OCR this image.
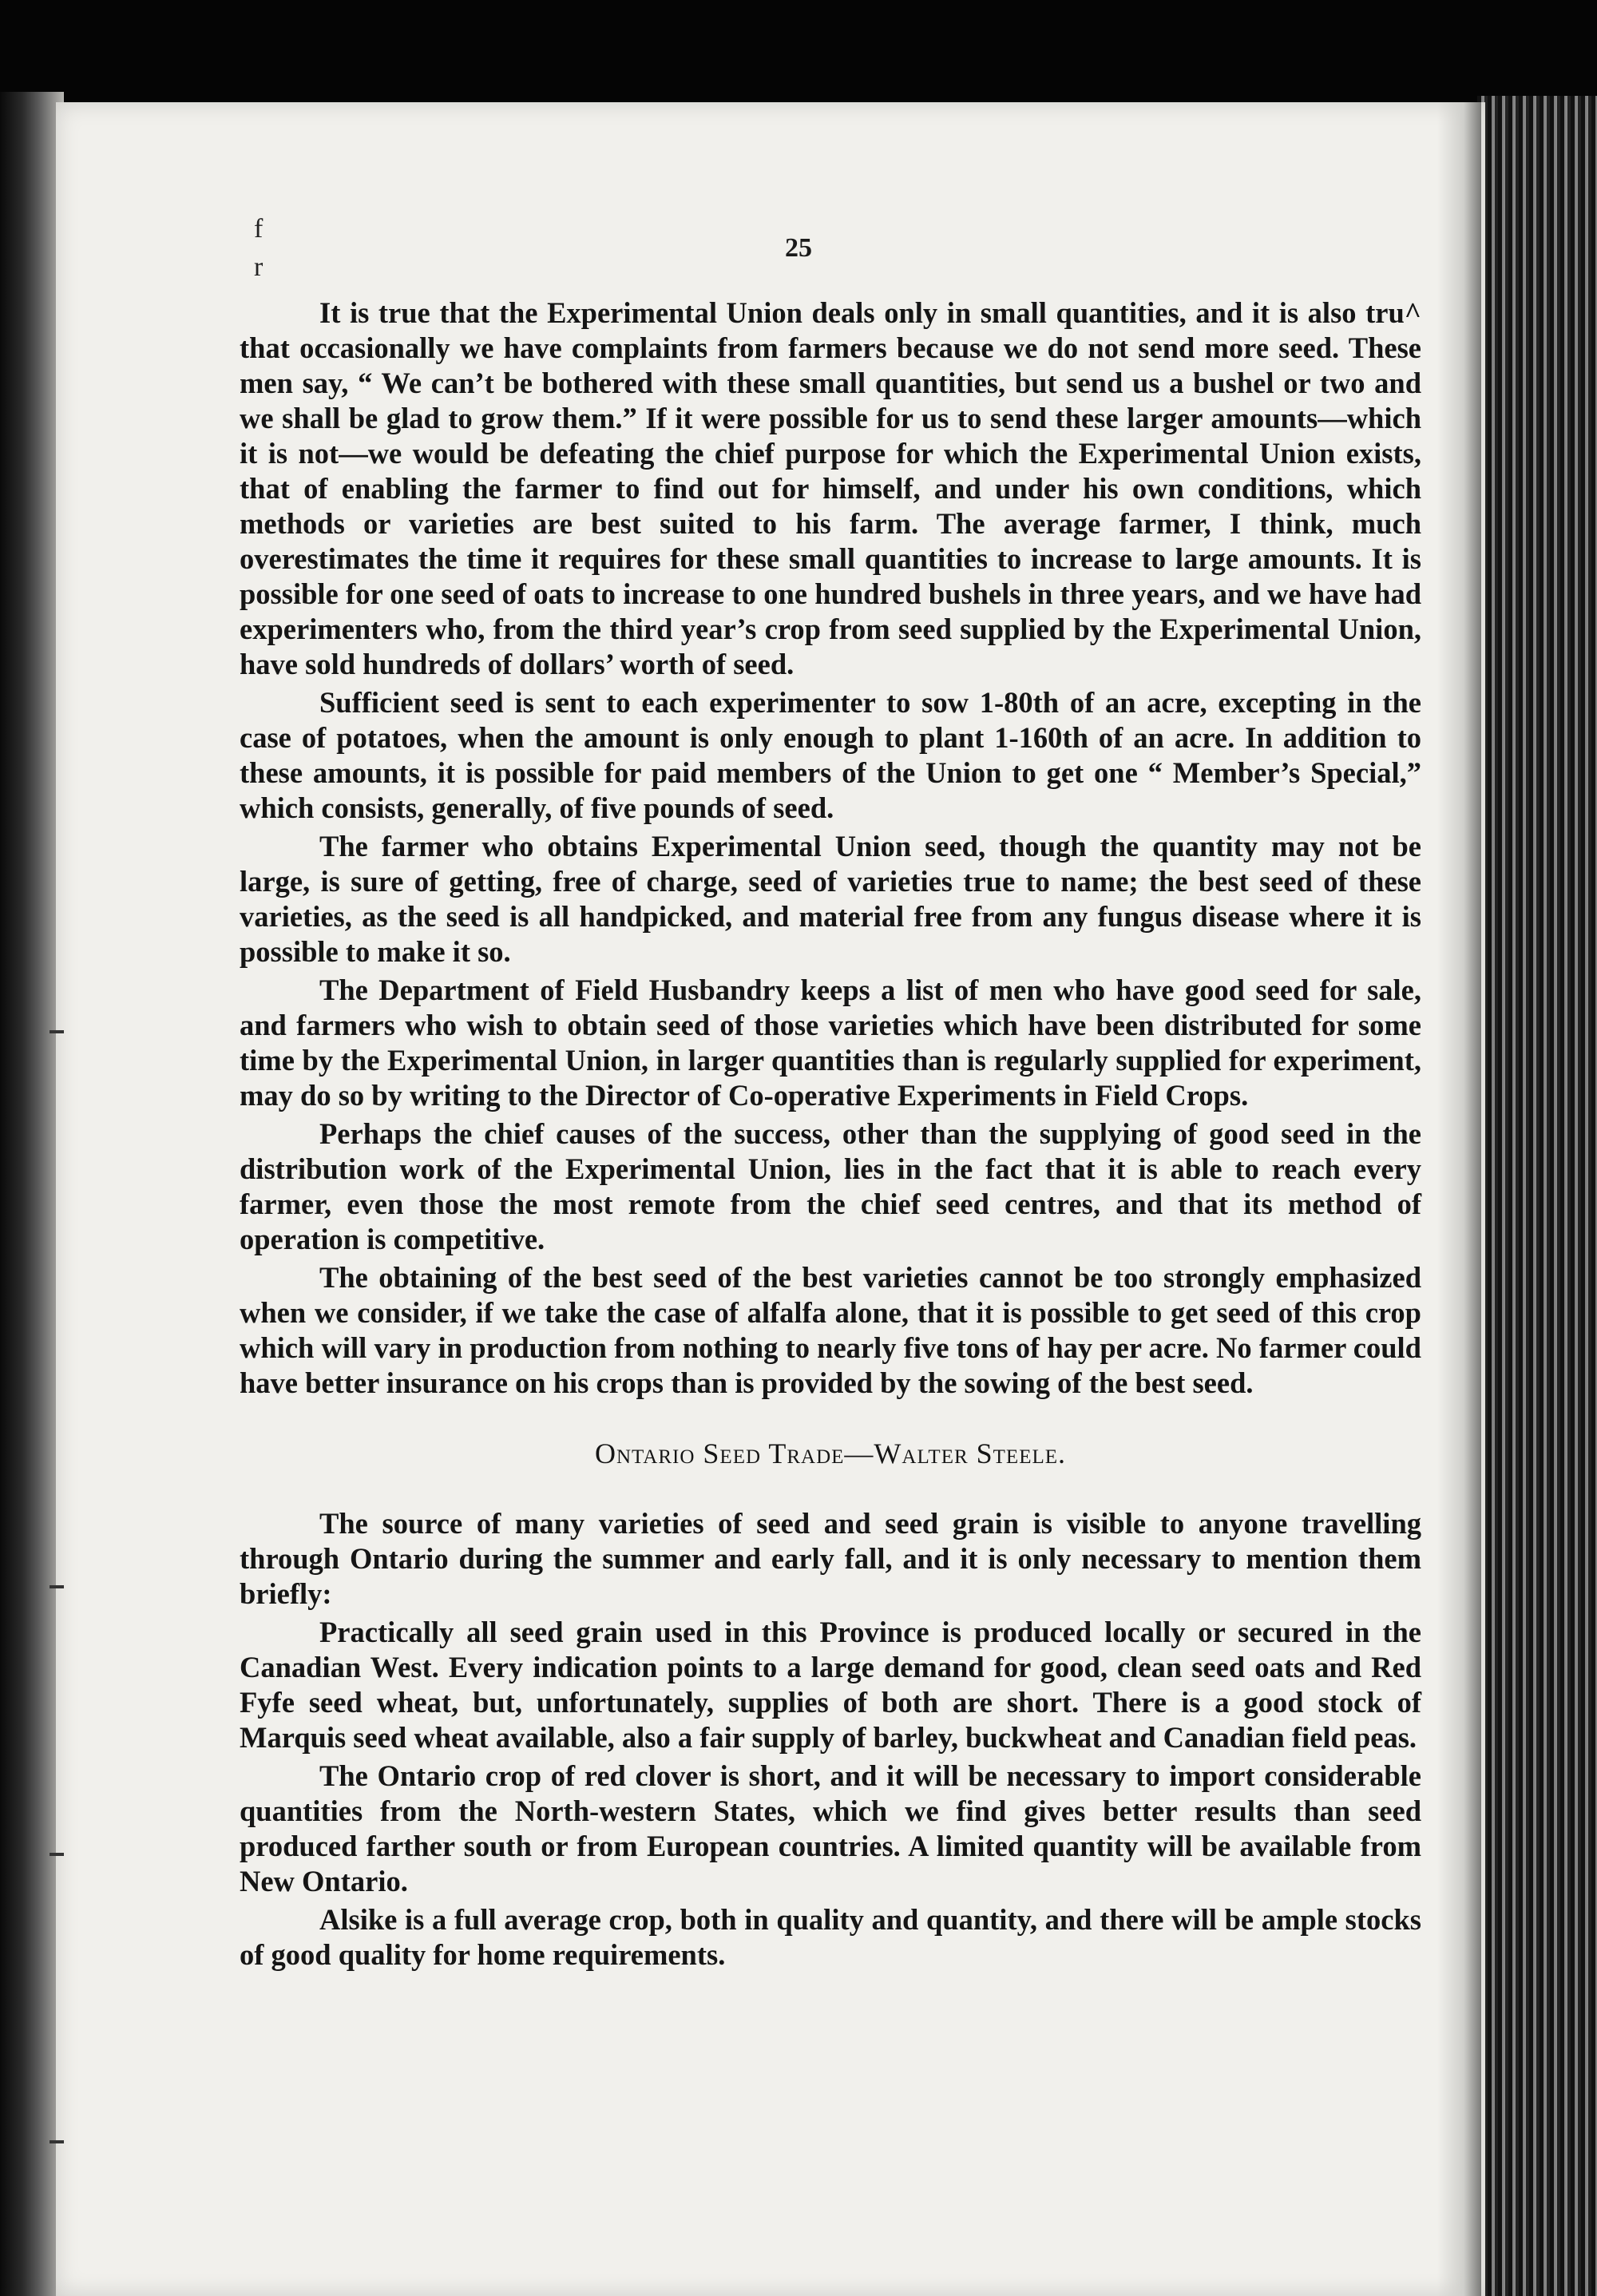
f
r
25

It is true that the Experimental Union deals only in small quantities, and it is also tru^ that occasionally we have complaints from farmers because we do not send more seed. These men say, “ We can’t be bothered with these small quantities, but send us a bushel or two and we shall be glad to grow them.” If it were possible for us to send these larger amounts—which it is not—we would be defeating the chief purpose for which the Experimental Union exists, that of enabling the farmer to find out for himself, and under his own conditions, which methods or varieties are best suited to his farm. The average farmer, I think, much overestimates the time it requires for these small quantities to increase to large amounts. It is possible for one seed of oats to increase to one hundred bushels in three years, and we have had experimenters who, from the third year’s crop from seed supplied by the Experimental Union, have sold hundreds of dollars’ worth of seed.

Sufficient seed is sent to each experimenter to sow 1-80th of an acre, excepting in the case of potatoes, when the amount is only enough to plant 1-160th of an acre. In addition to these amounts, it is possible for paid members of the Union to get one “ Member’s Special,” which consists, generally, of five pounds of seed.

The farmer who obtains Experimental Union seed, though the quantity may not be large, is sure of getting, free of charge, seed of varieties true to name; the best seed of these varieties, as the seed is all handpicked, and material free from any fungus disease where it is possible to make it so.

The Department of Field Husbandry keeps a list of men who have good seed for sale, and farmers who wish to obtain seed of those varieties which have been distributed for some time by the Experimental Union, in larger quantities than is regularly supplied for experiment, may do so by writing to the Director of Co-operative Experiments in Field Crops.

Perhaps the chief causes of the success, other than the supplying of good seed in the distribution work of the Experimental Union, lies in the fact that it is able to reach every farmer, even those the most remote from the chief seed centres, and that its method of operation is competitive.

The obtaining of the best seed of the best varieties cannot be too strongly emphasized when we consider, if we take the case of alfalfa alone, that it is possible to get seed of this crop which will vary in production from nothing to nearly five tons of hay per acre. No farmer could have better insurance on his crops than is provided by the sowing of the best seed.

Ontario Seed Trade—Walter Steele.

The source of many varieties of seed and seed grain is visible to anyone travelling through Ontario during the summer and early fall, and it is only necessary to mention them briefly:

Practically all seed grain used in this Province is produced locally or secured in the Canadian West. Every indication points to a large demand for good, clean seed oats and Red Fyfe seed wheat, but, unfortunately, supplies of both are short. There is a good stock of Marquis seed wheat available, also a fair supply of barley, buckwheat and Canadian field peas.

The Ontario crop of red clover is short, and it will be necessary to import considerable quantities from the North-western States, which we find gives better results than seed produced farther south or from European countries. A limited quantity will be available from New Ontario.

Alsike is a full average crop, both in quality and quantity, and there will be ample stocks of good quality for home requirements.
